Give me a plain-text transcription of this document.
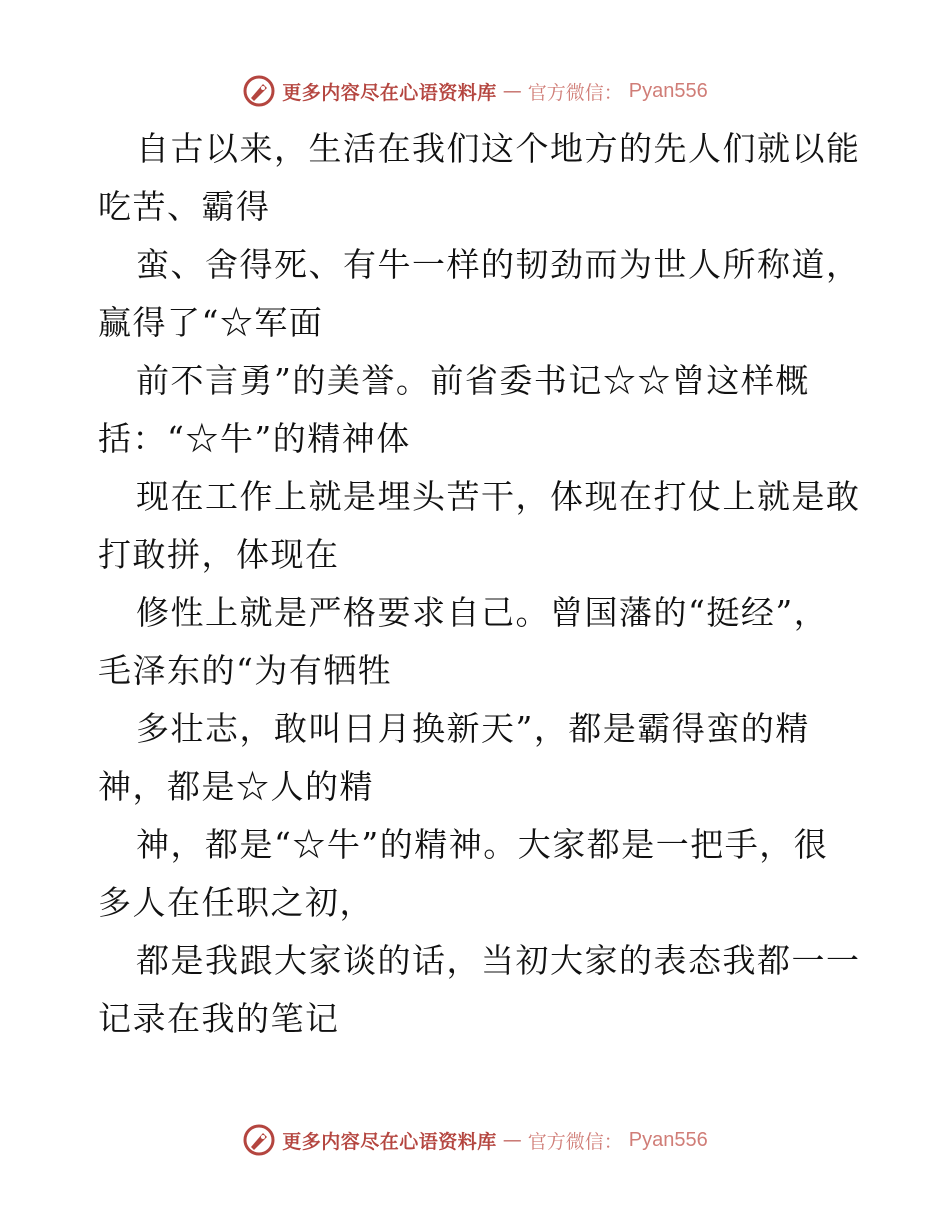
更多内容尽在心语资料库 — 官方微信： Pyan556
自古以来，生活在我们这个地方的先人们就以能
吃苦、霸得
蛮、舍得死、有牛一样的韧劲而为世人所称道，
赢得了“☆军面
前不言勇”的美誉。前省委书记☆☆曾这样概
括：“☆牛”的精神体
现在工作上就是埋头苦干，体现在打仗上就是敢
打敢拼，体现在
修性上就是严格要求自己。曾国藩的“挺经”，
毛泽东的“为有牺牲
多壮志，敢叫日月换新天”，都是霸得蛮的精
神，都是☆人的精
神，都是“☆牛”的精神。大家都是一把手，很
多人在任职之初，
都是我跟大家谈的话，当初大家的表态我都一一
记录在我的笔记
更多内容尽在心语资料库 — 官方微信： Pyan556
